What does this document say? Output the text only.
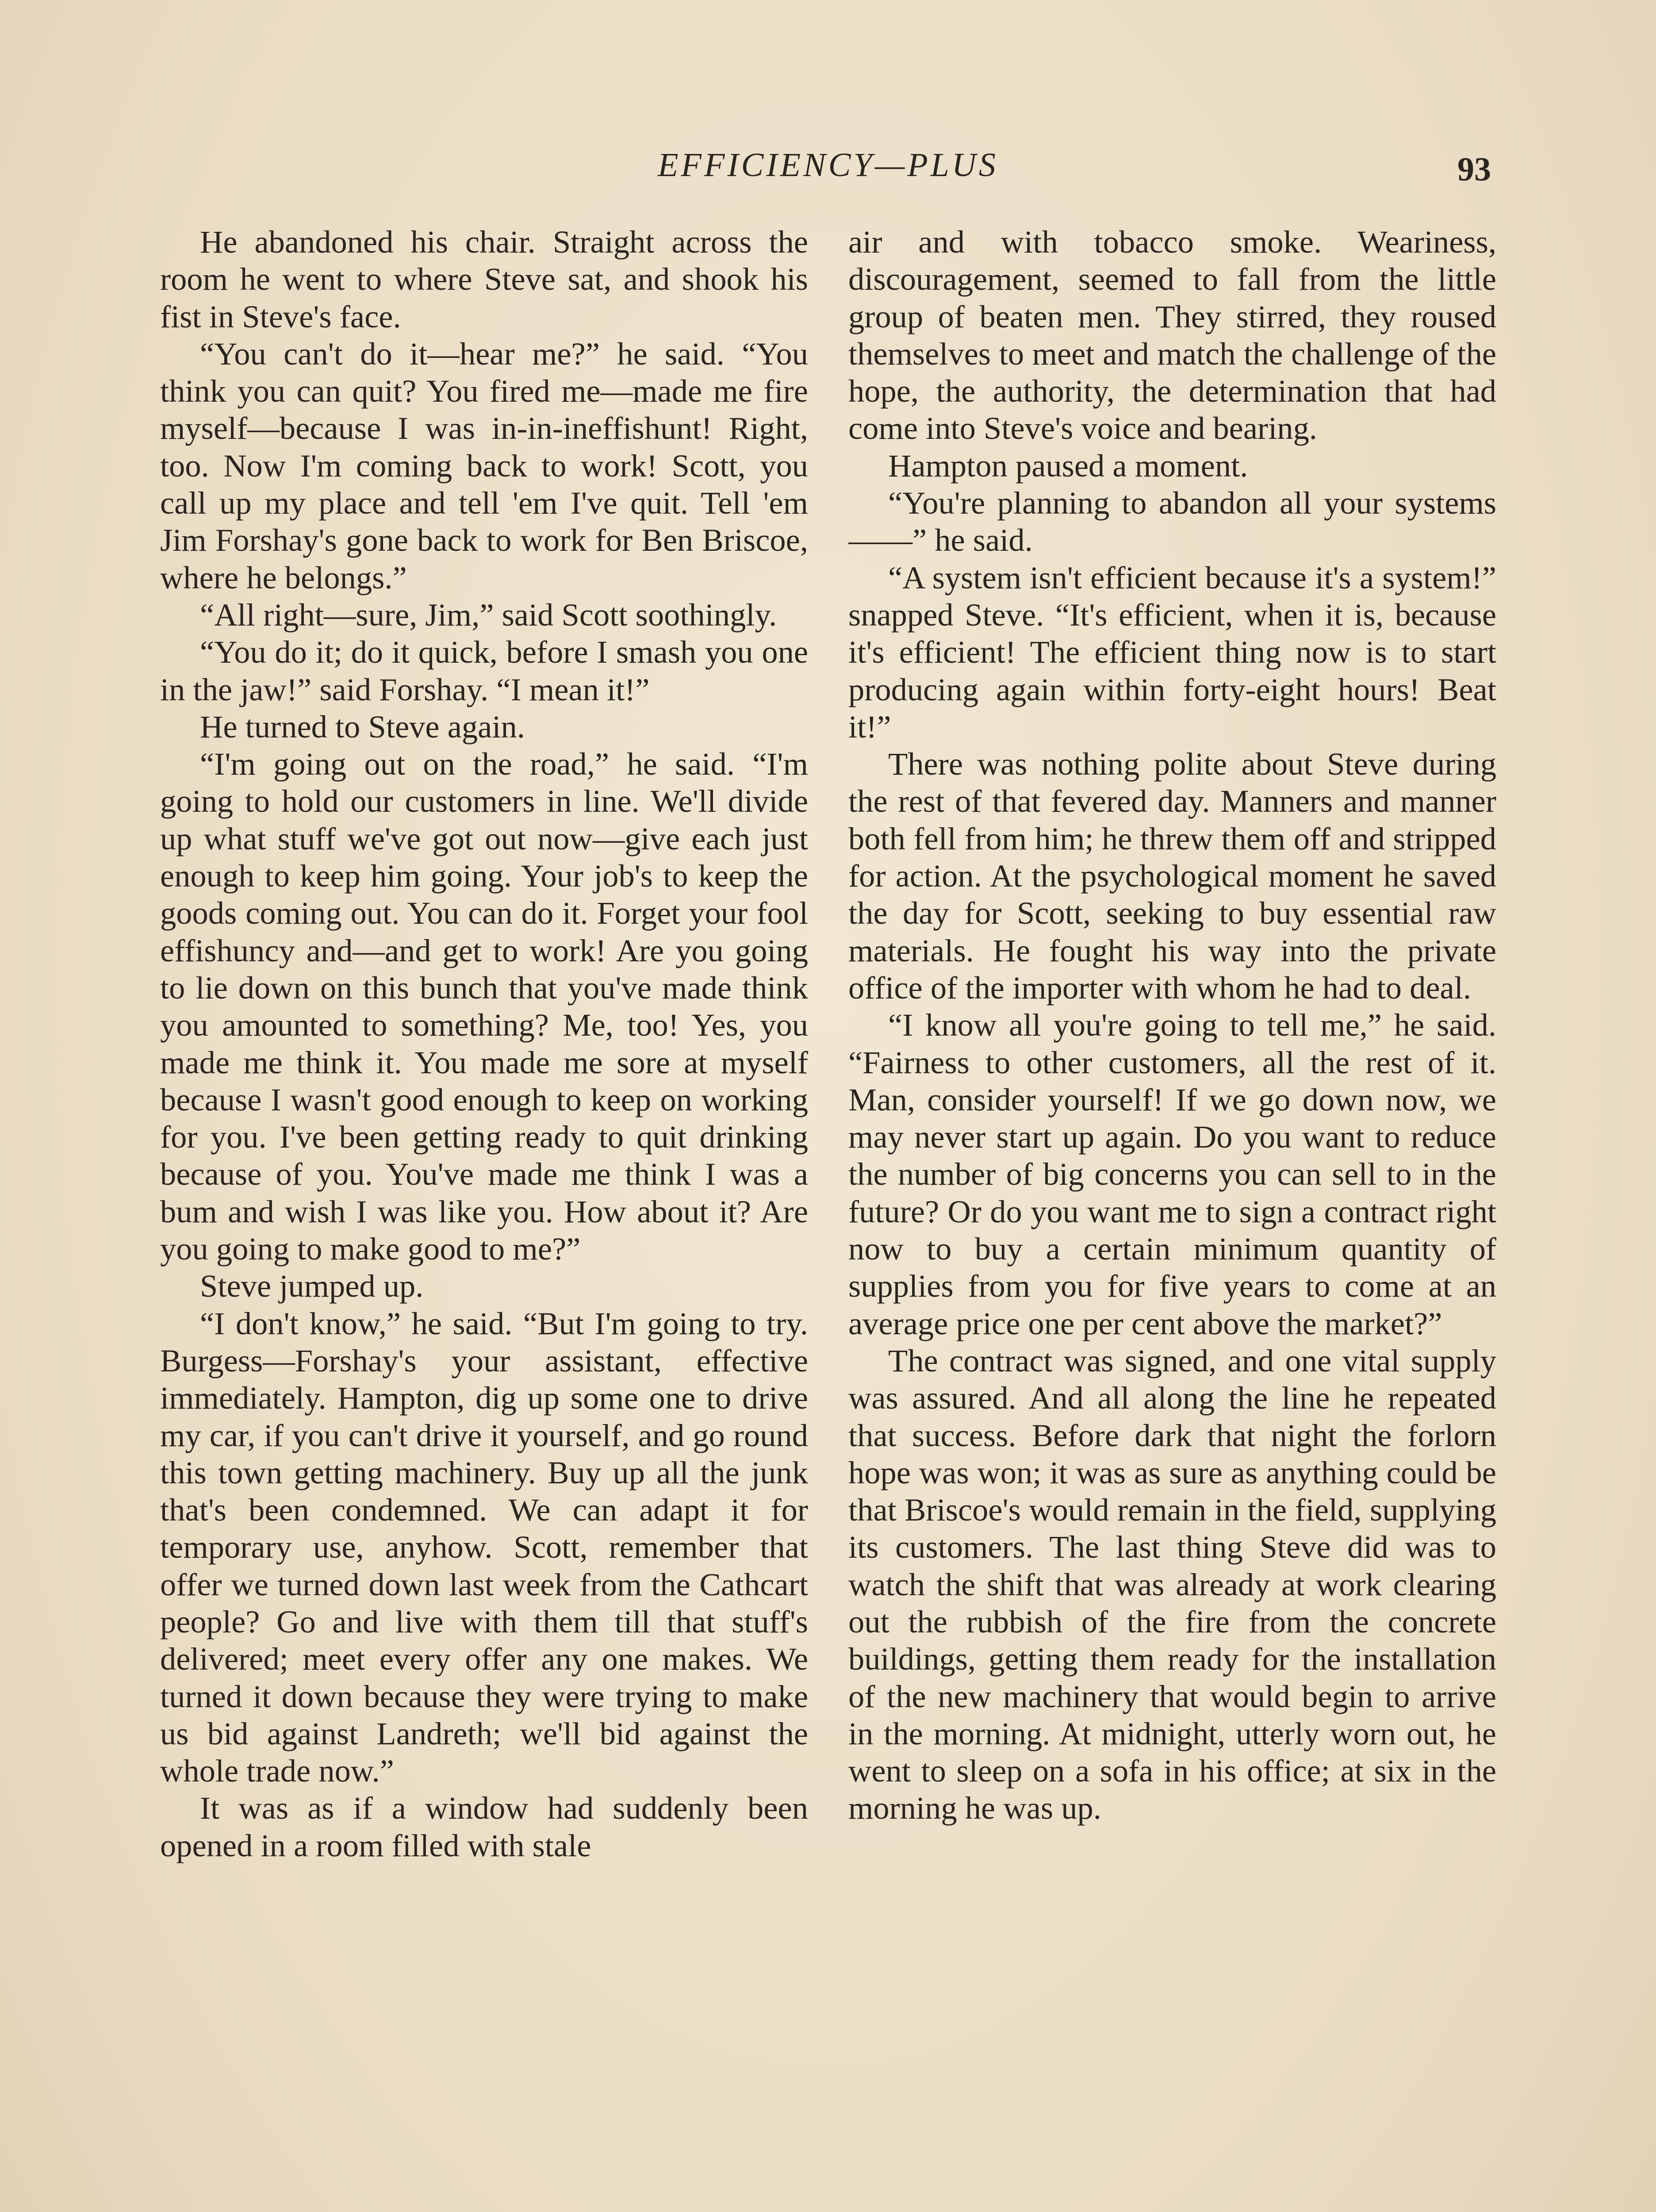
EFFICIENCY—PLUS	93

He abandoned his chair. Straight across the room he went to where Steve sat, and shook his fist in Steve's face.

“You can't do it—hear me?” he said. “You think you can quit? You fired me—made me fire myself—because I was in-in-ineffishunt! Right, too. Now I'm coming back to work! Scott, you call up my place and tell 'em I've quit. Tell 'em Jim Forshay's gone back to work for Ben Briscoe, where he belongs.”

“All right—sure, Jim,” said Scott soothingly.

“You do it; do it quick, before I smash you one in the jaw!” said Forshay. “I mean it!”

He turned to Steve again.

“I'm going out on the road,” he said. “I'm going to hold our customers in line. We'll divide up what stuff we've got out now—give each just enough to keep him going. Your job's to keep the goods coming out. You can do it. Forget your fool effishuncy and—and get to work! Are you going to lie down on this bunch that you've made think you amounted to something? Me, too! Yes, you made me think it. You made me sore at myself because I wasn't good enough to keep on working for you. I've been getting ready to quit drinking because of you. You've made me think I was a bum and wish I was like you. How about it? Are you going to make good to me?”

Steve jumped up.

“I don't know,” he said. “But I'm going to try. Burgess—Forshay's your assistant, effective immediately. Hampton, dig up some one to drive my car, if you can't drive it yourself, and go round this town getting machinery. Buy up all the junk that's been condemned. We can adapt it for temporary use, anyhow. Scott, remember that offer we turned down last week from the Cathcart people? Go and live with them till that stuff's delivered; meet every offer any one makes. We turned it down because they were trying to make us bid against Landreth; we'll bid against the whole trade now.”

It was as if a window had suddenly been opened in a room filled with stale

air and with tobacco smoke. Weariness, discouragement, seemed to fall from the little group of beaten men. They stirred, they roused themselves to meet and match the challenge of the hope, the authority, the determination that had come into Steve's voice and bearing.

Hampton paused a moment.

“You're planning to abandon all your systems——” he said.

“A system isn't efficient because it's a system!” snapped Steve. “It's efficient, when it is, because it's efficient! The efficient thing now is to start producing again within forty-eight hours! Beat it!”

There was nothing polite about Steve during the rest of that fevered day. Manners and manner both fell from him; he threw them off and stripped for action. At the psychological moment he saved the day for Scott, seeking to buy essential raw materials. He fought his way into the private office of the importer with whom he had to deal.

“I know all you're going to tell me,” he said. “Fairness to other customers, all the rest of it. Man, consider yourself! If we go down now, we may never start up again. Do you want to reduce the number of big concerns you can sell to in the future? Or do you want me to sign a contract right now to buy a certain minimum quantity of supplies from you for five years to come at an average price one per cent above the market?”

The contract was signed, and one vital supply was assured. And all along the line he repeated that success. Before dark that night the forlorn hope was won; it was as sure as anything could be that Briscoe's would remain in the field, supplying its customers. The last thing Steve did was to watch the shift that was already at work clearing out the rubbish of the fire from the concrete buildings, getting them ready for the installation of the new machinery that would begin to arrive in the morning. At midnight, utterly worn out, he went to sleep on a sofa in his office; at six in the morning he was up.
